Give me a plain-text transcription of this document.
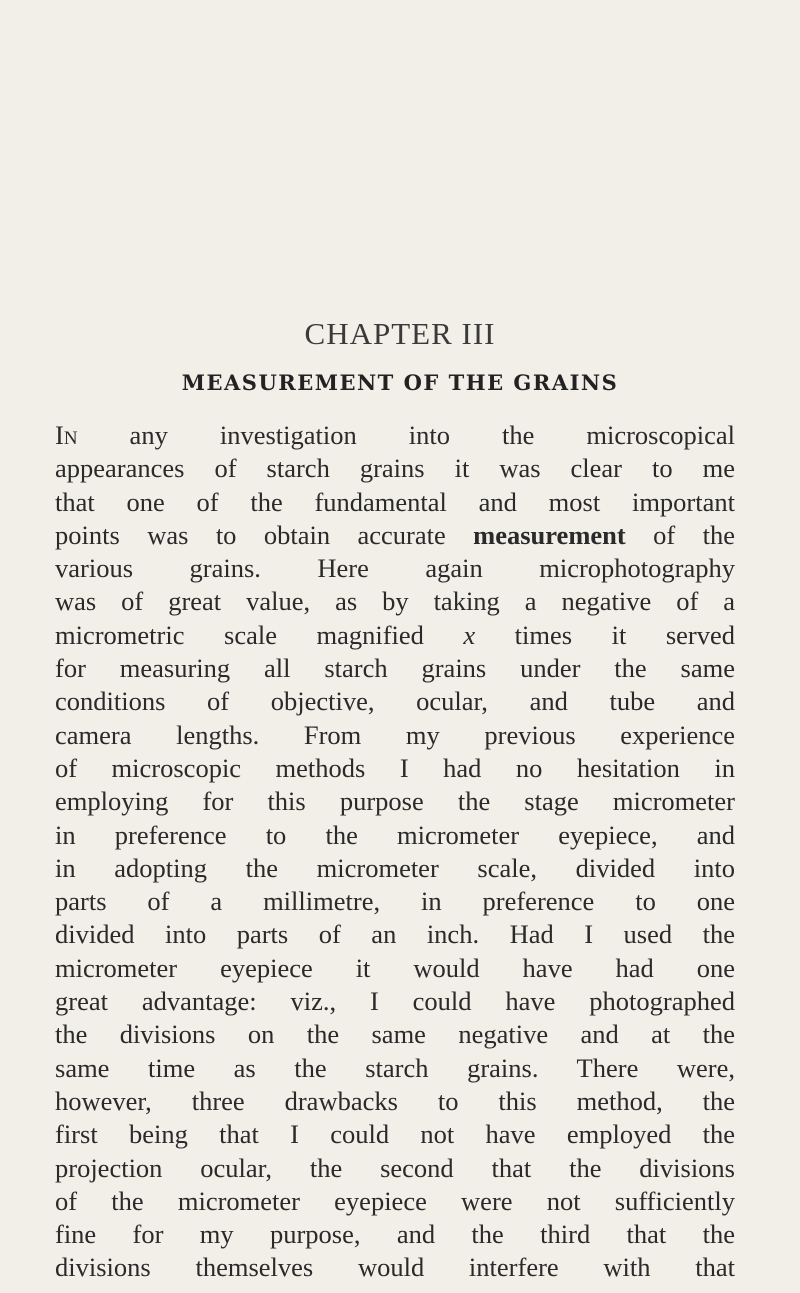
CHAPTER III
MEASUREMENT OF THE GRAINS
In any investigation into the microscopical
appearances of starch grains it was clear to me
that one of the fundamental and most important
points was to obtain accurate measurement of the
various grains. Here again microphotography
was of great value, as by taking a negative of a
micrometric scale magnified x times it served
for measuring all starch grains under the same
conditions of objective, ocular, and tube and
camera lengths. From my previous experience
of microscopic methods I had no hesitation in
employing for this purpose the stage micrometer
in preference to the micrometer eyepiece, and
in adopting the micrometer scale, divided into
parts of a millimetre, in preference to one
divided into parts of an inch. Had I used the
micrometer eyepiece it would have had one
great advantage: viz., I could have photographed
the divisions on the same negative and at the
same time as the starch grains. There were,
however, three drawbacks to this method, the
first being that I could not have employed the
projection ocular, the second that the divisions
of the micrometer eyepiece were not sufficiently
fine for my purpose, and the third that the
divisions themselves would interfere with that
